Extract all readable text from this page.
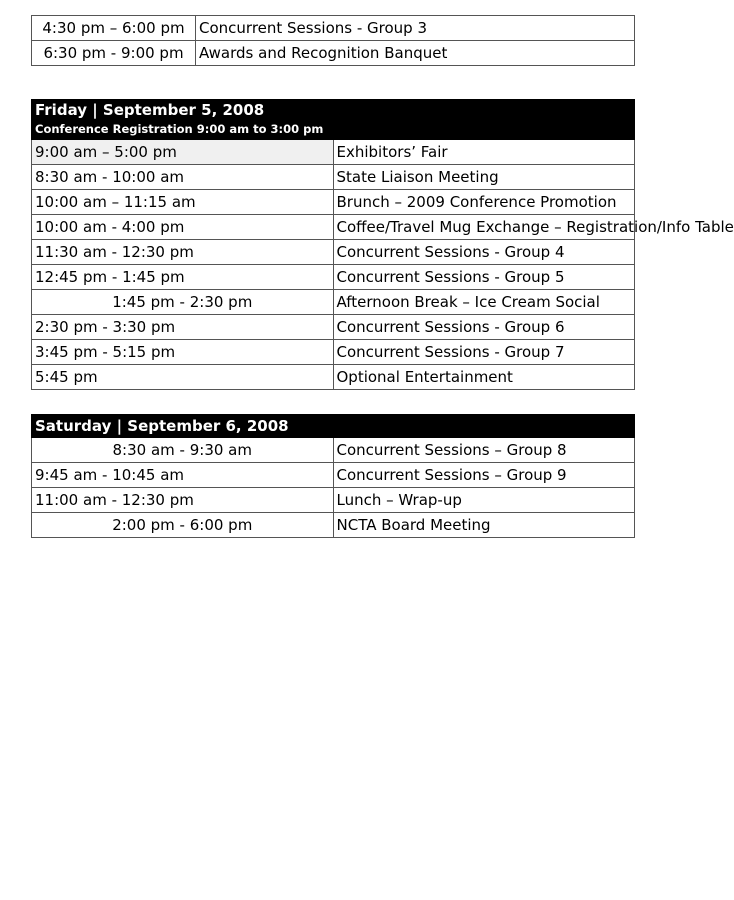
4:30 pm – 6:00 pm	Concurrent Sessions - Group 3
6:30 pm - 9:00 pm	Awards and Recognition Banquet
Friday | September 5, 2008
Conference Registration 9:00 am to 3:00 pm	

9:00 am – 5:00 pm	Exhibitors’ Fair
8:30 am - 10:00 am	State Liaison Meeting
10:00 am – 11:15 am	Brunch – 2009 Conference Promotion
10:00 am - 4:00 pm	Coffee/Travel Mug Exchange – Registration/Info Table
11:30 am - 12:30 pm	Concurrent Sessions - Group 4
12:45 pm - 1:45 pm	Concurrent Sessions - Group 5
1:45 pm - 2:30 pm	Afternoon Break – Ice Cream Social
2:30 pm - 3:30 pm	Concurrent Sessions - Group 6
3:45 pm - 5:15 pm	Concurrent Sessions - Group 7
5:45 pm	Optional Entertainment
Saturday | September 6, 2008	

8:30 am - 9:30 am	Concurrent Sessions – Group 8
9:45 am - 10:45 am	Concurrent Sessions – Group 9
11:00 am - 12:30 pm	Lunch – Wrap-up
2:00 pm - 6:00 pm	NCTA Board Meeting
